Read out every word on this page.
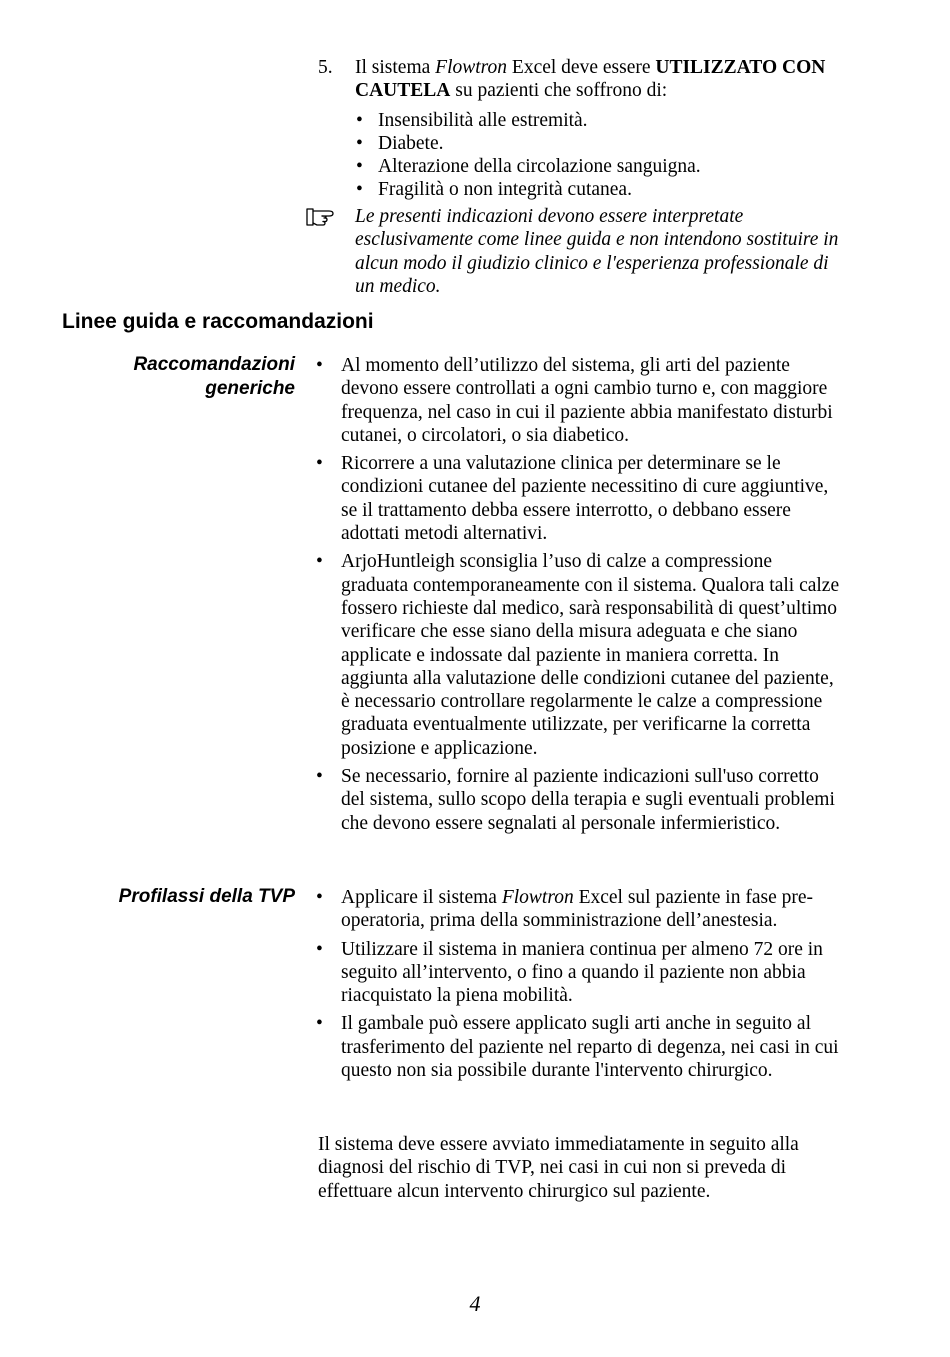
5. Il sistema Flowtron Excel deve essere UTILIZZATO CON CAUTELA su pazienti che soffrono di:
• Insensibilità alle estremità.
• Diabete.
• Alterazione della circolazione sanguigna.
• Fragilità o non integrità cutanea.
Le presenti indicazioni devono essere interpretate esclusivamente come linee guida e non intendono sostituire in alcun modo il giudizio clinico e l'esperienza professionale di un medico.
Linee guida e raccomandazioni
Raccomandazioni generiche
• Al momento dell’utilizzo del sistema, gli arti del paziente devono essere controllati a ogni cambio turno e, con maggiore frequenza, nel caso in cui il paziente abbia manifestato disturbi cutanei, o circolatori, o sia diabetico.
• Ricorrere a una valutazione clinica per determinare se le condizioni cutanee del paziente necessitino di cure aggiuntive, se il trattamento debba essere interrotto, o debbano essere adottati metodi alternativi.
• ArjoHuntleigh sconsiglia l’uso di calze a compressione graduata contemporaneamente con il sistema. Qualora tali calze fossero richieste dal medico, sarà responsabilità di quest’ultimo verificare che esse siano della misura adeguata e che siano applicate e indossate dal paziente in maniera corretta. In aggiunta alla valutazione delle condizioni cutanee del paziente, è necessario controllare regolarmente le calze a compressione graduata eventualmente utilizzate, per verificarne la corretta posizione e applicazione.
• Se necessario, fornire al paziente indicazioni sull'uso corretto del sistema, sullo scopo della terapia e sugli eventuali problemi che devono essere segnalati al personale infermieristico.
Profilassi della TVP • Applicare il sistema Flowtron Excel sul paziente in fase pre-operatoria, prima della somministrazione dell’anestesia.
• Utilizzare il sistema in maniera continua per almeno 72 ore in seguito all’intervento, o fino a quando il paziente non abbia riacquistato la piena mobilità.
• Il gambale può essere applicato sugli arti anche in seguito al trasferimento del paziente nel reparto di degenza, nei casi in cui questo non sia possibile durante l'intervento chirurgico.
Il sistema deve essere avviato immediatamente in seguito alla diagnosi del rischio di TVP, nei casi in cui non si preveda di effettuare alcun intervento chirurgico sul paziente.
4
